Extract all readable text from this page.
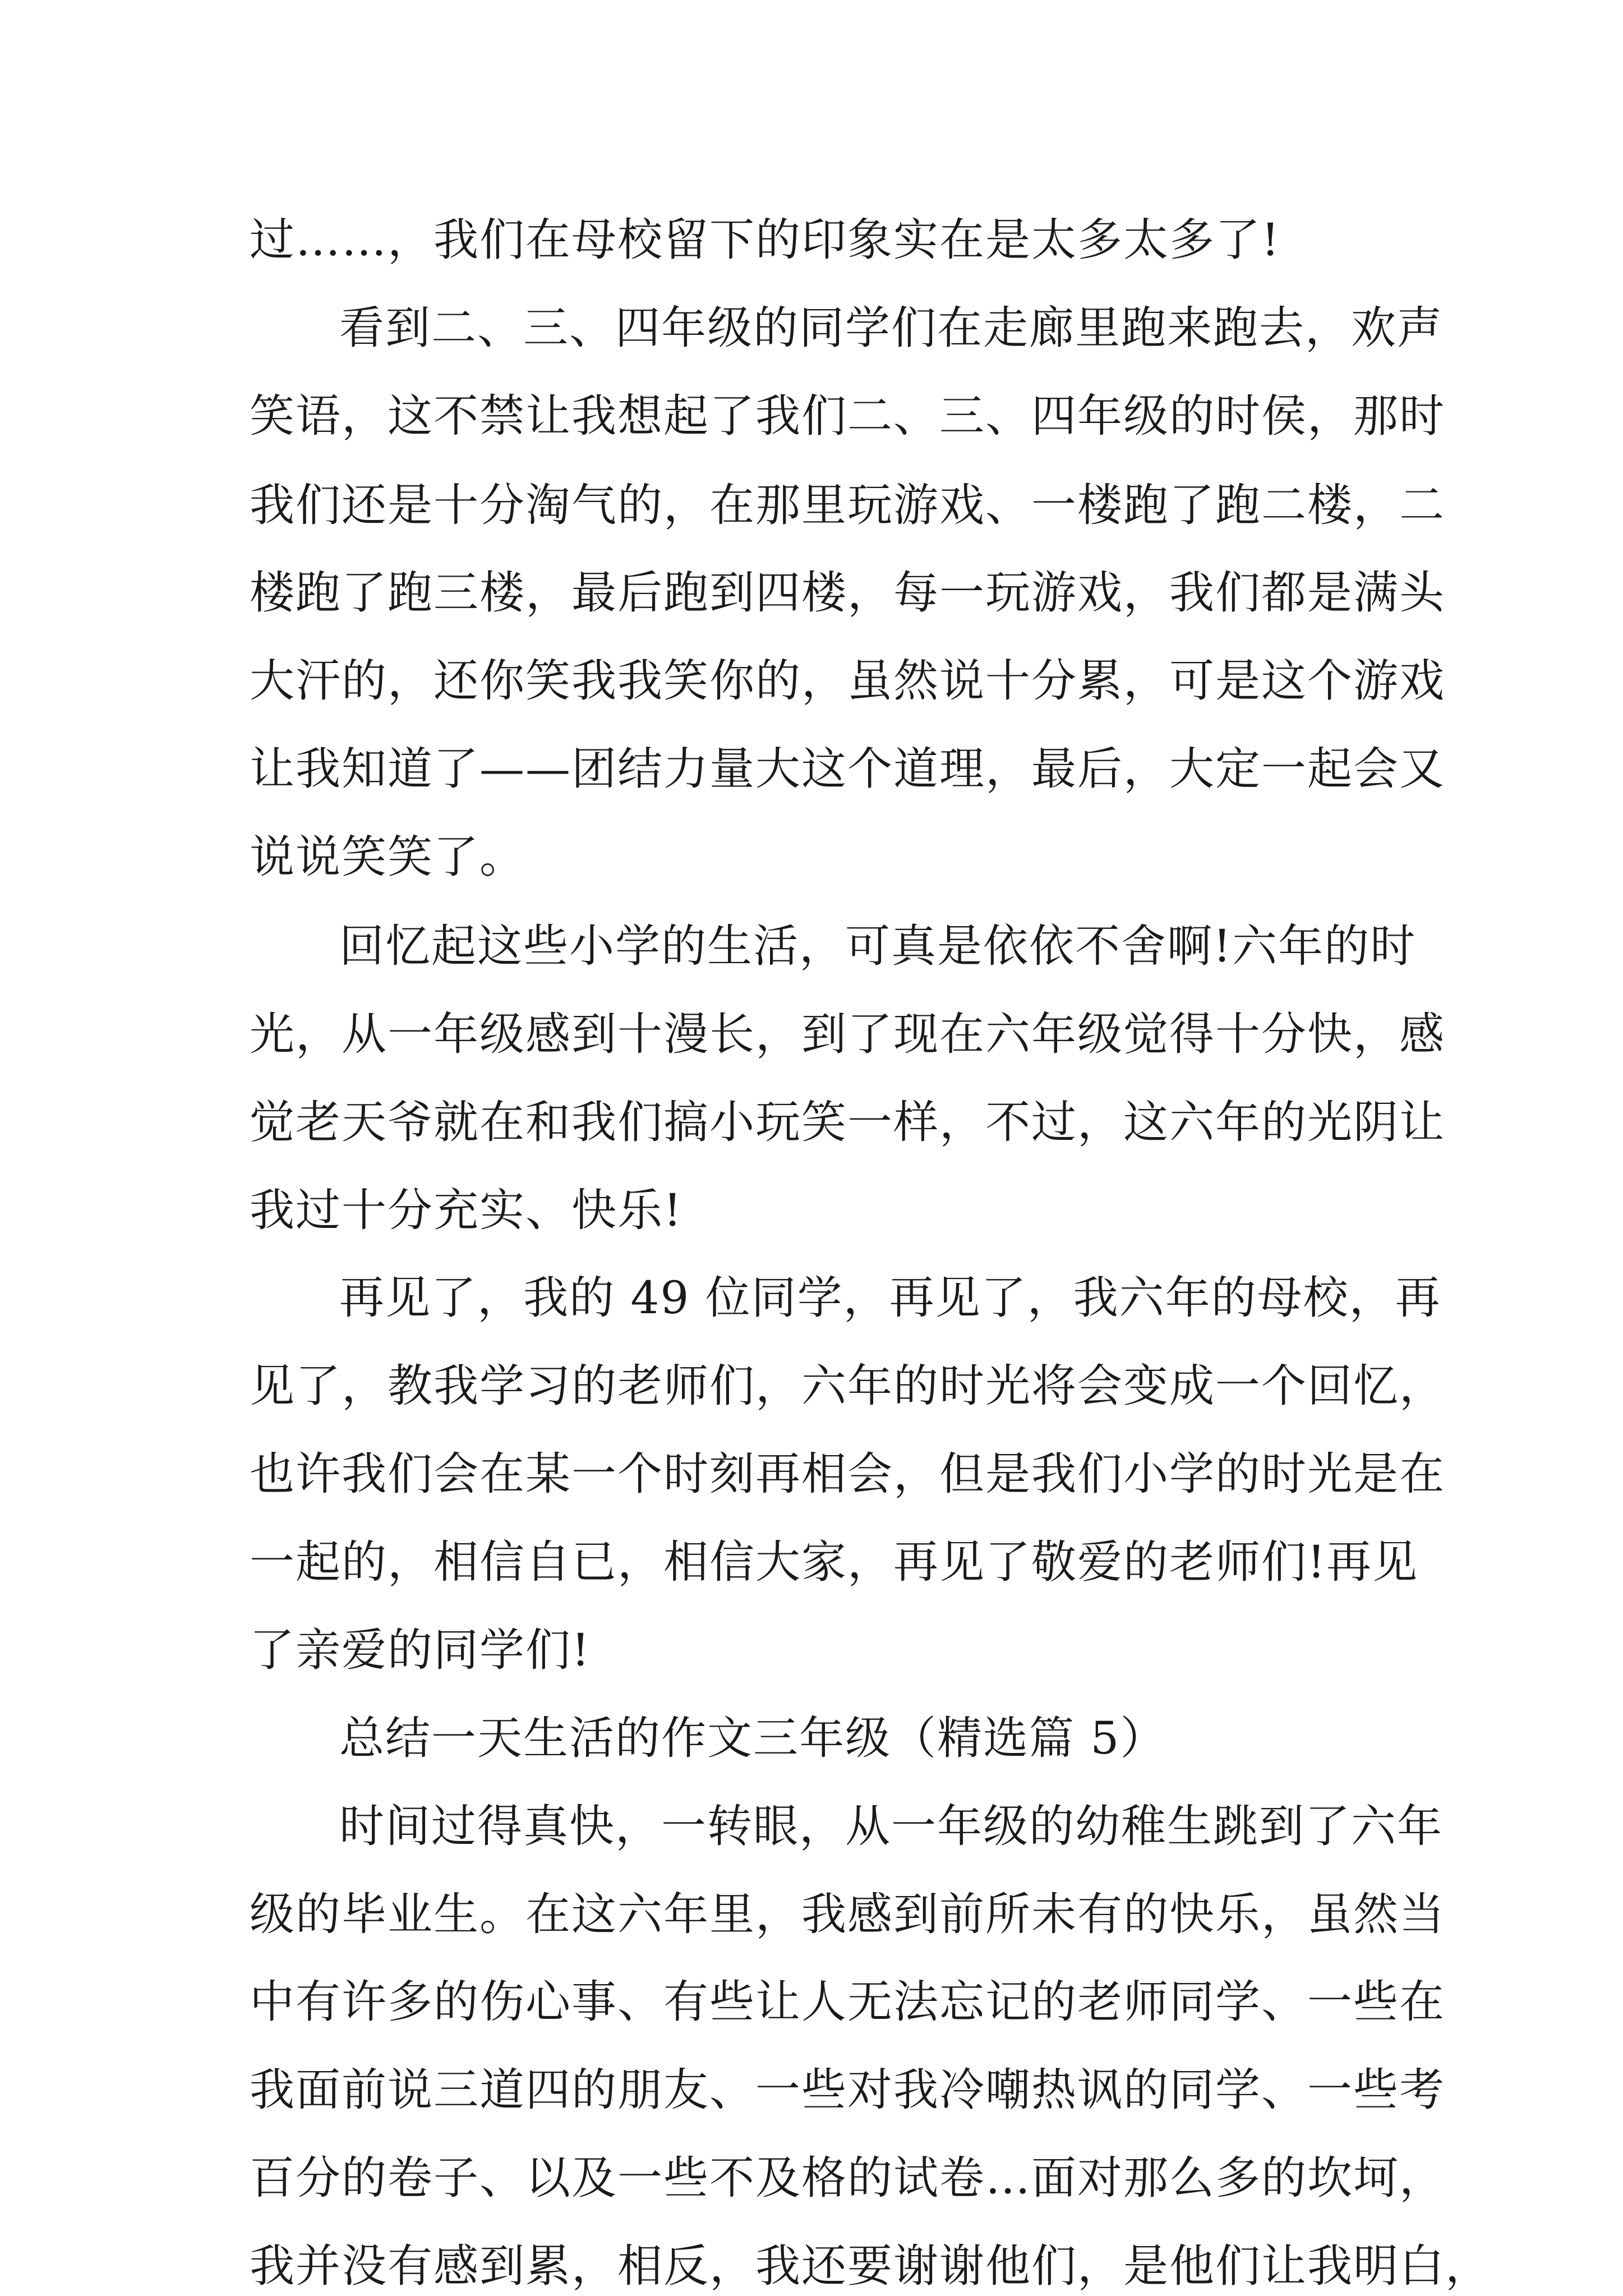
过……，我们在母校留下的印象实在是太多太多了!
看到二、三、四年级的同学们在走廊里跑来跑去，欢声
笑语，这不禁让我想起了我们二、三、四年级的时侯，那时
我们还是十分淘气的，在那里玩游戏、一楼跑了跑二楼，二
楼跑了跑三楼，最后跑到四楼，每一玩游戏，我们都是满头
大汗的，还你笑我我笑你的，虽然说十分累，可是这个游戏
让我知道了——团结力量大这个道理，最后，大定一起会又
说说笑笑了。
回忆起这些小学的生活，可真是依依不舍啊!六年的时
光，从一年级感到十漫长，到了现在六年级觉得十分快，感
觉老天爷就在和我们搞小玩笑一样，不过，这六年的光阴让
我过十分充实、快乐!
再见了，我的 49 位同学，再见了，我六年的母校，再
见了，教我学习的老师们，六年的时光将会变成一个回忆，
也许我们会在某一个时刻再相会，但是我们小学的时光是在
一起的，相信自已，相信大家，再见了敬爱的老师们!再见
了亲爱的同学们!
总结一天生活的作文三年级（精选篇 5）
时间过得真快，一转眼，从一年级的幼稚生跳到了六年
级的毕业生。在这六年里，我感到前所未有的快乐，虽然当
中有许多的伤心事、有些让人无法忘记的老师同学、一些在
我面前说三道四的朋友、一些对我冷嘲热讽的同学、一些考
百分的卷子、以及一些不及格的试卷…面对那么多的坎坷，
我并没有感到累，相反，我还要谢谢他们，是他们让我明白，
